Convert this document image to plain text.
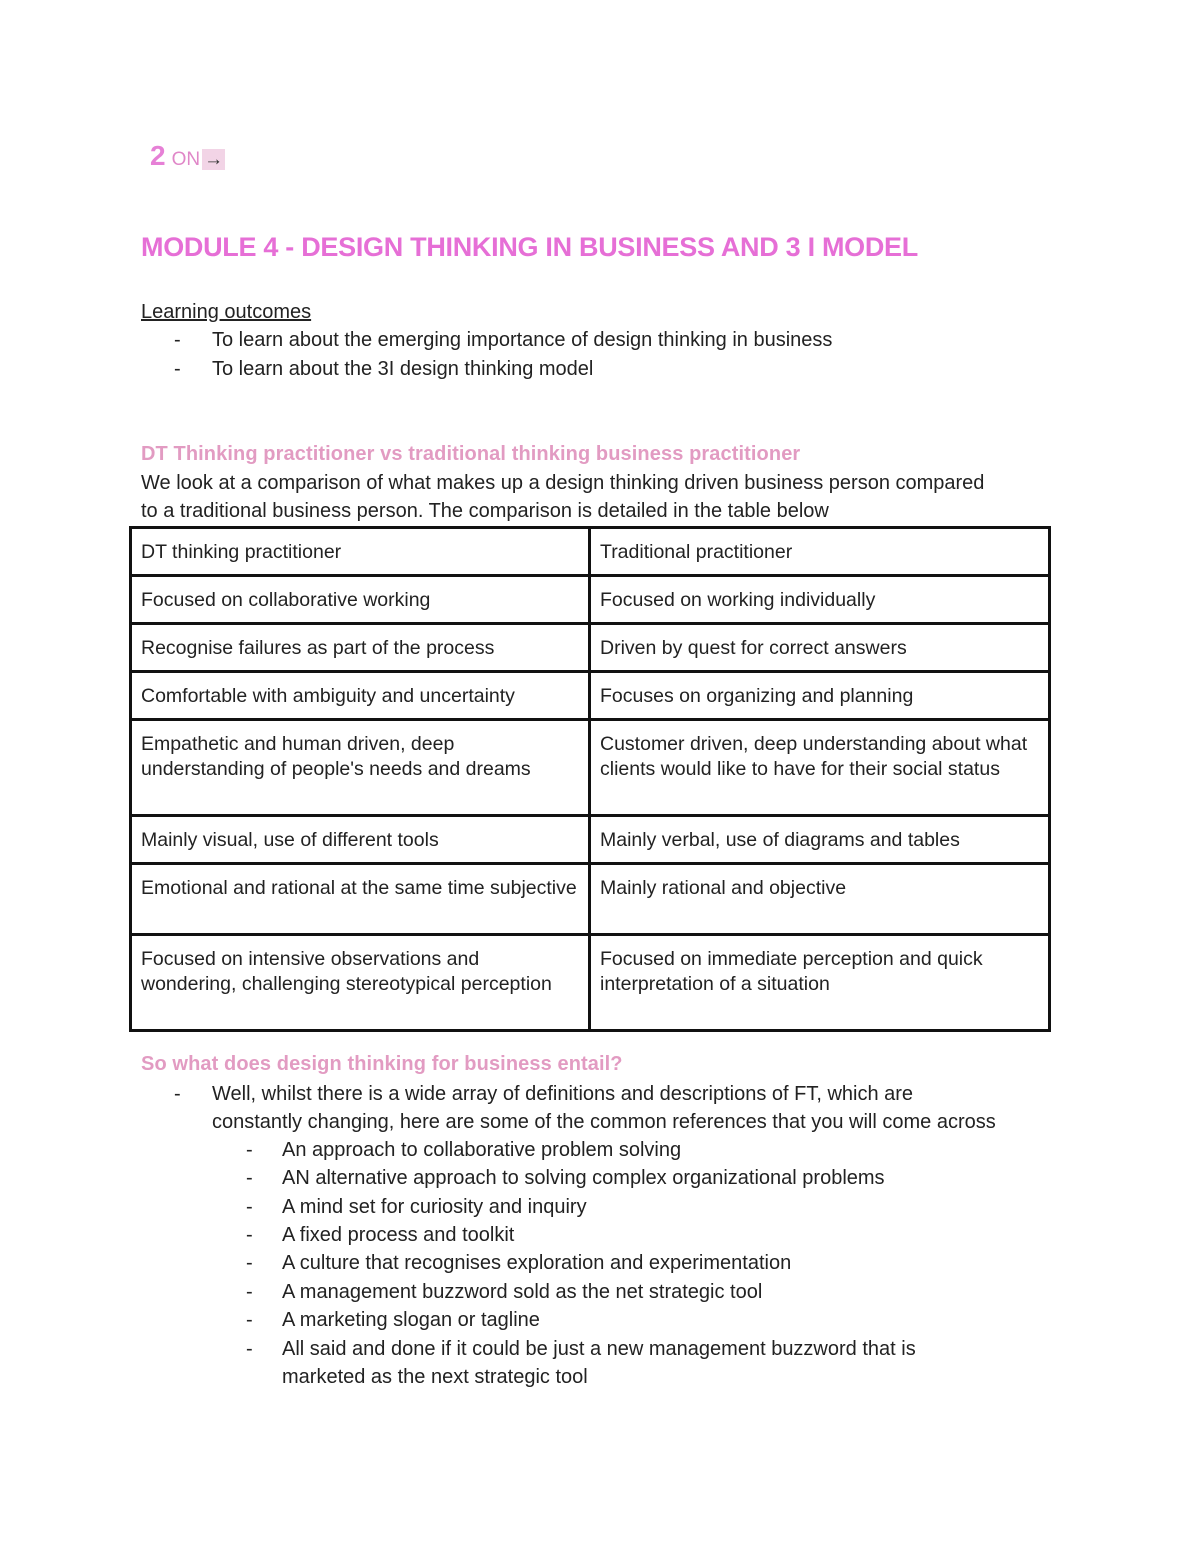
2 ON →
MODULE 4 - DESIGN THINKING IN BUSINESS AND 3 I MODEL
Learning outcomes
- To learn about the emerging importance of design thinking in business
- To learn about the 3I design thinking model
DT Thinking practitioner vs traditional thinking business practitioner
We look at a comparison of what makes up a design thinking driven business person compared
to a traditional business person. The comparison is detailed in the table below
DT thinking practitioner	Traditional practitioner
Focused on collaborative working	Focused on working individually
Recognise failures as part of the process	Driven by quest for correct answers
Comfortable with ambiguity and uncertainty	Focuses on organizing and planning
Empathetic and human driven, deep understanding of people's needs and dreams	Customer driven, deep understanding about what clients would like to have for their social status
Mainly visual, use of different tools	Mainly verbal, use of diagrams and tables
Emotional and rational at the same time subjective	Mainly rational and objective
Focused on intensive observations and wondering, challenging stereotypical perception	Focused on immediate perception and quick interpretation of a situation
So what does design thinking for business entail?
- Well, whilst there is a wide array of definitions and descriptions of FT, which are
constantly changing, here are some of the common references that you will come across
- An approach to collaborative problem solving
- AN alternative approach to solving complex organizational problems
- A mind set for curiosity and inquiry
- A fixed process and toolkit
- A culture that recognises exploration and experimentation
- A management buzzword sold as the net strategic tool
- A marketing slogan or tagline
- All said and done if it could be just a new management buzzword that is
marketed as the next strategic tool
